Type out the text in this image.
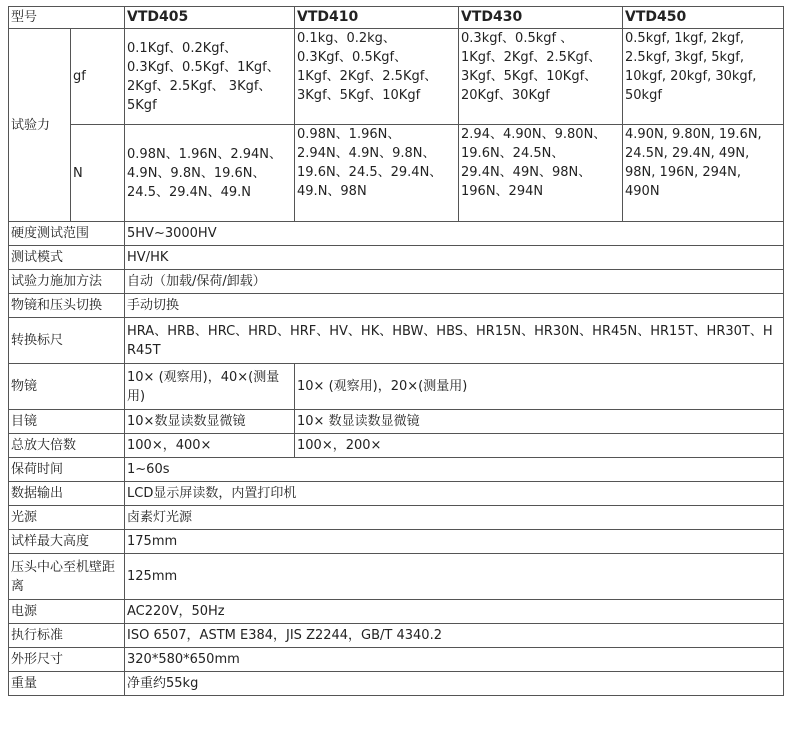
型号		VTD405	VTD410	VTD430	VTD450
试验力	gf	0.1Kgf、0.2Kgf、
0.3Kgf、0.5Kgf、1Kgf、
2Kgf、2.5Kgf、 3Kgf、
5Kgf	0.1kg、0.2kg、
0.3Kgf、0.5Kgf、
1Kgf、2Kgf、2.5Kgf、
3Kgf、5Kgf、10Kgf	0.3kgf、0.5kgf 、
1Kgf、2Kgf、2.5Kgf、
3Kgf、5Kgf、10Kgf、
20Kgf、30Kgf	0.5kgf, 1kgf, 2kgf,
2.5kgf, 3kgf, 5kgf,
10kgf, 20kgf, 30kgf,
50kgf
	N	0.98N、1.96N、2.94N、
4.9N、9.8N、19.6N、
24.5、29.4N、49.N	0.98N、1.96N、
2.94N、4.9N、9.8N、
19.6N、24.5、29.4N、
49.N、98N	2.94、4.90N、9.80N、
19.6N、24.5N、
29.4N、49N、98N、
196N、294N	4.90N, 9.80N, 19.6N,
24.5N, 29.4N, 49N,
98N, 196N, 294N,
490N
硬度测试范围		5HV~3000HV			
测试模式		HV/HK			
试验力施加方法		自动（加载/保荷/卸载）			
物镜和压头切换		手动切换			
转换标尺		HRA、HRB、HRC、HRD、HRF、HV、HK、HBW、HBS、HR15N、HR30N、HR45N、HR15T、HR30T、HR45T			
物镜		10× (观察用)，40×(测量用)	10× (观察用)，20×(测量用)		
目镜		10×数显读数显微镜	10× 数显读数显微镜		
总放大倍数		100×，400×	100×，200×		
保荷时间		1~60s			
数据输出		LCD显示屏读数，内置打印机			
光源		卤素灯光源			
试样最大高度		175mm			
压头中心至机壁距离		125mm			
电源		AC220V，50Hz			
执行标准		ISO 6507，ASTM E384，JIS Z2244，GB/T 4340.2			
外形尺寸		320*580*650mm			
重量		净重约55kg			
